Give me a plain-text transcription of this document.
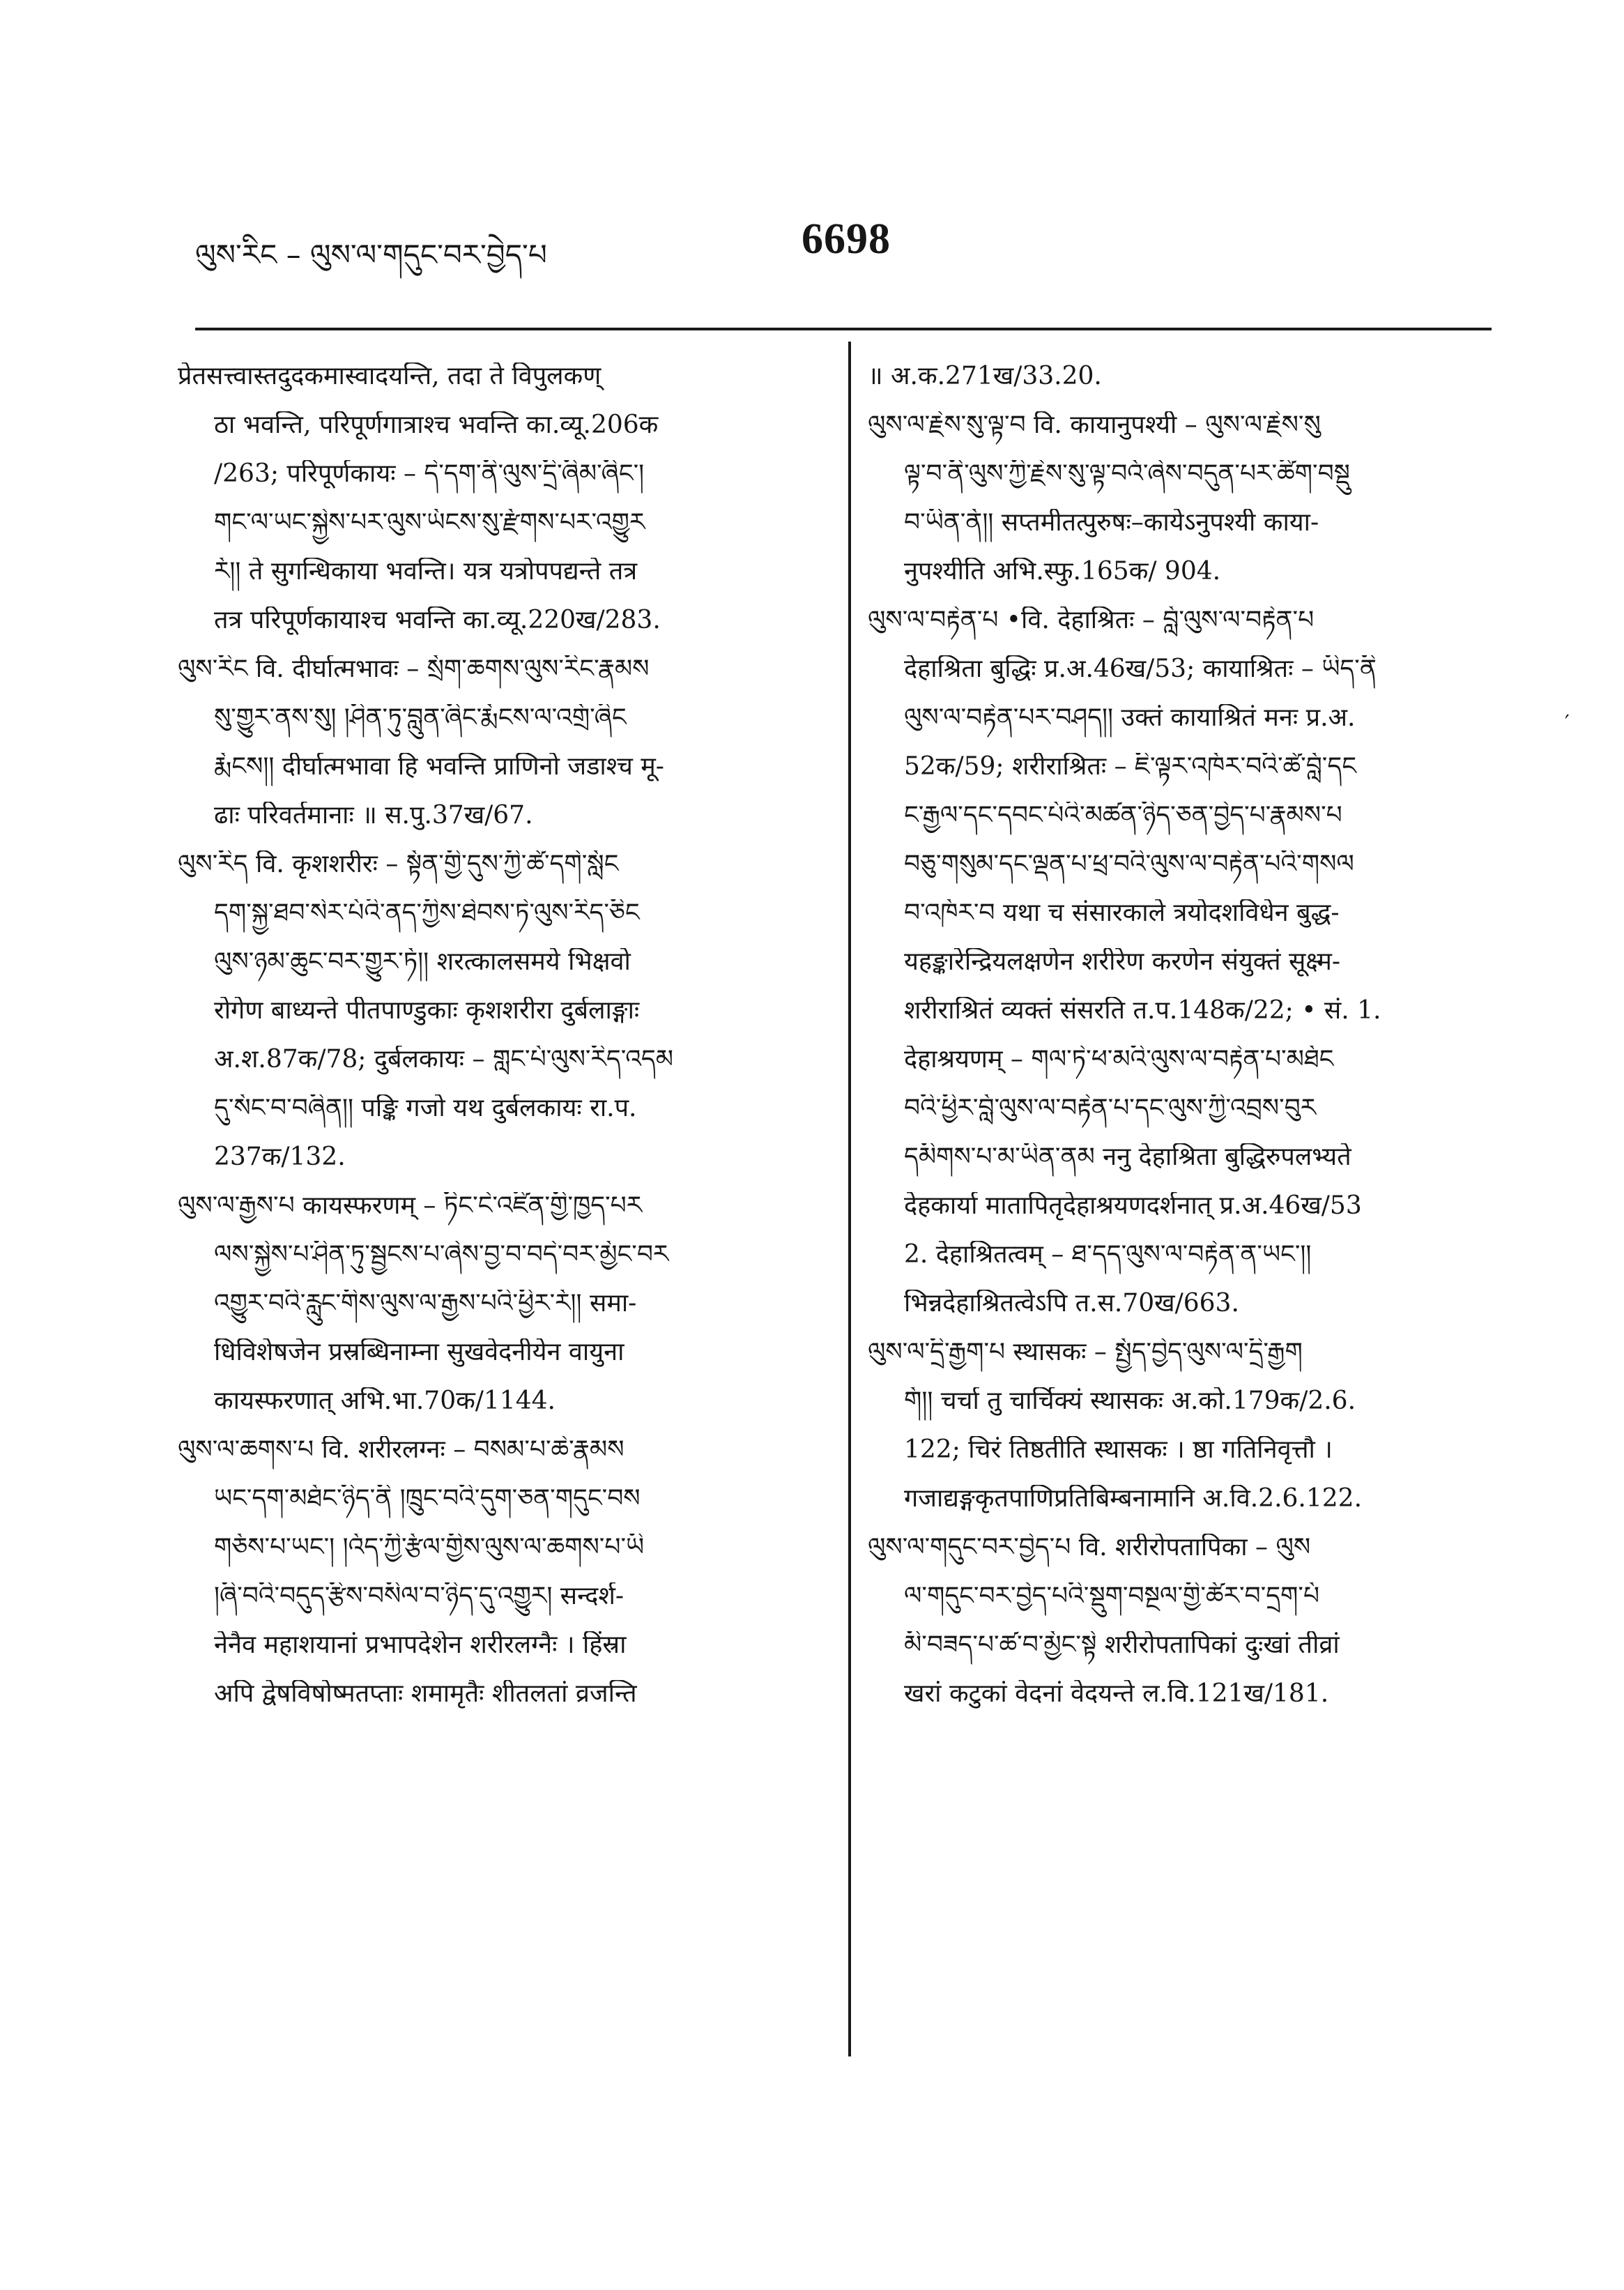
ལུས་རིང – ལུས་ལ་གདུང་བར་བྱེད་པ	6698
′
प्रेतसत्त्वास्तदुदकमास्वादयन्ति, तदा ते विपुलकण्
ठा भवन्ति, परिपूर्णगात्राश्च भवन्ति का.व्यू.206क
/263; परिपूर्णकायः – དེ་དག་ནི་ལུས་དྲི་ཞིམ་ཞིང་།
གང་ལ་ཡང་སྐྱེས་པར་ལུས་ཡོངས་སུ་རྫོགས་པར་འགྱུར
རོ།། ते सुगन्धिकाया भवन्ति। यत्र यत्रोपपद्यन्ते तत्र
तत्र परिपूर्णकायाश्च भवन्ति का.व्यू.220ख/283.
ལུས་རིང वि. दीर्घात्मभावः – སྲོག་ཆགས་ལུས་རིང་རྣམས
སུ་གྱུར་ནས་སུ། །ཤིན་ཏུ་བླུན་ཞིང་རྨོངས་ལ་འགྲོ་ཞིང
རྨོངས།། दीर्घात्मभावा हि भवन्ति प्राणिनो जडाश्च मू-
ढाः परिवर्तमानाः ॥ स.पु.37ख/67.
ལུས་རིད वि. कृशशरीरः – སྟོན་གྱི་དུས་ཀྱི་ཚེ་དགེ་སློང
དག་སྐྱ་ཐབ་སེར་པོའི་ནད་ཀྱིས་ཐེབས་ཏེ་ལུས་རིད་ཅིང
ལུས་ཉམ་ཆུང་བར་གྱུར་ཏོ།། शरत्कालसमये भिक्षवो
रोगेण बाध्यन्ते पीतपाण्डुकाः कृशशरीरा दुर्बलाङ्गाः
अ.श.87क/78; दुर्बलकायः – གླང་པོ་ལུས་རིད་འདམ
དུ་སོང་བ་བཞིན།། पङ्कि गजो यथ दुर्बलकायः रा.प.
237क/132.
ལུས་ལ་རྒྱས་པ कायस्फरणम् – ཏིང་ངེ་འཛིན་གྱི་ཁྱད་པར
ལས་སྐྱེས་པ་ཤིན་ཏུ་སྦྱངས་པ་ཞེས་བྱ་བ་བདེ་བར་མྱོང་བར
འགྱུར་བའི་རླུང་གིས་ལུས་ལ་རྒྱས་པའི་ཕྱིར་རོ།། समा-
धिविशेषजेन प्रस्रब्धिनाम्ना सुखवेदनीयेन वायुना
कायस्फरणात् अभि.भा.70क/1144.
ལུས་ལ་ཆགས་པ वि. शरीरलग्नः – བསམ་པ་ཆེ་རྣམས
ཡང་དག་མཐོང་ཉིད་ནི །ཁྲུང་བའི་དུག་ཅན་གདུང་བས
གཅོས་པ་ཡང་། །འོད་ཀྱི་རྩོལ་གྱིས་ལུས་ལ་ཆགས་པ་ཡི
།ཞི་བའི་བདུད་རྩིས་བསིལ་བ་ཉིད་དུ་འགྱུར། सन्दर्श-
नेनैव महाशयानां प्रभापदेशेन शरीरलग्नैः । हिंस्रा
अपि द्वेषविषोष्मतप्ताः शमामृतैः शीतलतां व्रजन्ति
॥ अ.क.271ख/33.20.
ལུས་ལ་རྗེས་སུ་ལྟ་བ वि. कायानुपश्यी – ལུས་ལ་རྗེས་སུ
ལྟ་བ་ནི་ལུས་ཀྱི་རྗེས་སུ་ལྟ་བའོ་ཞེས་བདུན་པར་ཚིག་བསྡུ
བ་ཡིན་ནོ།། सप्तमीतत्पुरुषः–कायेऽनुपश्यी काया-
नुपश्यीति अभि.स्फु.165क/ 904.
ལུས་ལ་བརྟེན་པ •वि. देहाश्रितः – བློ་ལུས་ལ་བརྟེན་པ
देहाश्रिता बुद्धिः प्र.अ.46ख/53; कायाश्रितः – ཡིད་ནི
ལུས་ལ་བརྟེན་པར་བཤད།། उक्तं कायाश्रितं मनः प्र.अ.
52क/59; शरीराश्रितः – ཇི་ལྟར་འཁོར་བའི་ཚེ་བློ་དང
ང་རྒྱལ་དང་དབང་པོའི་མཚན་ཉིད་ཅན་བྱེད་པ་རྣམས་པ
བཅུ་གསུམ་དང་ལྡན་པ་ཕྲ་བའི་ལུས་ལ་བརྟེན་པའི་གསལ
བ་འཁོར་བ यथा च संसारकाले त्रयोदशविधेन बुद्ध-
यहङ्कारेन्द्रियलक्षणेन शरीरेण करणेन संयुक्तं सूक्ष्म-
शरीराश्रितं व्यक्तं संसरति त.प.148क/22; • सं. 1.
देहाश्रयणम् – གལ་ཏེ་ཕ་མའི་ལུས་ལ་བརྟེན་པ་མཐོང
བའི་ཕྱིར་བློ་ལུས་ལ་བརྟེན་པ་དང་ལུས་ཀྱི་འབྲས་བུར
དམིགས་པ་མ་ཡིན་ནམ ननु देहाश्रिता बुद्धिरुपलभ्यते
देहकार्या मातापितृदेहाश्रयणदर्शनात् प्र.अ.46ख/53
2. देहाश्रितत्वम् – ཐ་དད་ལུས་ལ་བརྟེན་ན་ཡང་།།
भिन्नदेहाश्रितत्वेऽपि त.स.70ख/663.
ལུས་ལ་དྲི་རྒྱག་པ स्थासकः – སྤྱོད་བྱེད་ལུས་ལ་དྲི་རྒྱག
གོ།། चर्चा तु चार्चिक्यं स्थासकः अ.को.179क/2.6.
122; चिरं तिष्ठतीति स्थासकः । ष्ठा गतिनिवृत्तौ ।
गजाद्यङ्गकृतपाणिप्रतिबिम्बनामानि अ.वि.2.6.122.
ལུས་ལ་གདུང་བར་བྱེད་པ वि. शरीरोपतापिका – ལུས
ལ་གདུང་བར་བྱེད་པའི་སྡུག་བསྔལ་གྱི་ཚོར་བ་དྲག་པོ
མི་བཟད་པ་ཚ་བ་མྱོང་སྟེ शरीरोपतापिकां दुःखां तीव्रां
खरां कटुकां वेदनां वेदयन्ते ल.वि.121ख/181.
